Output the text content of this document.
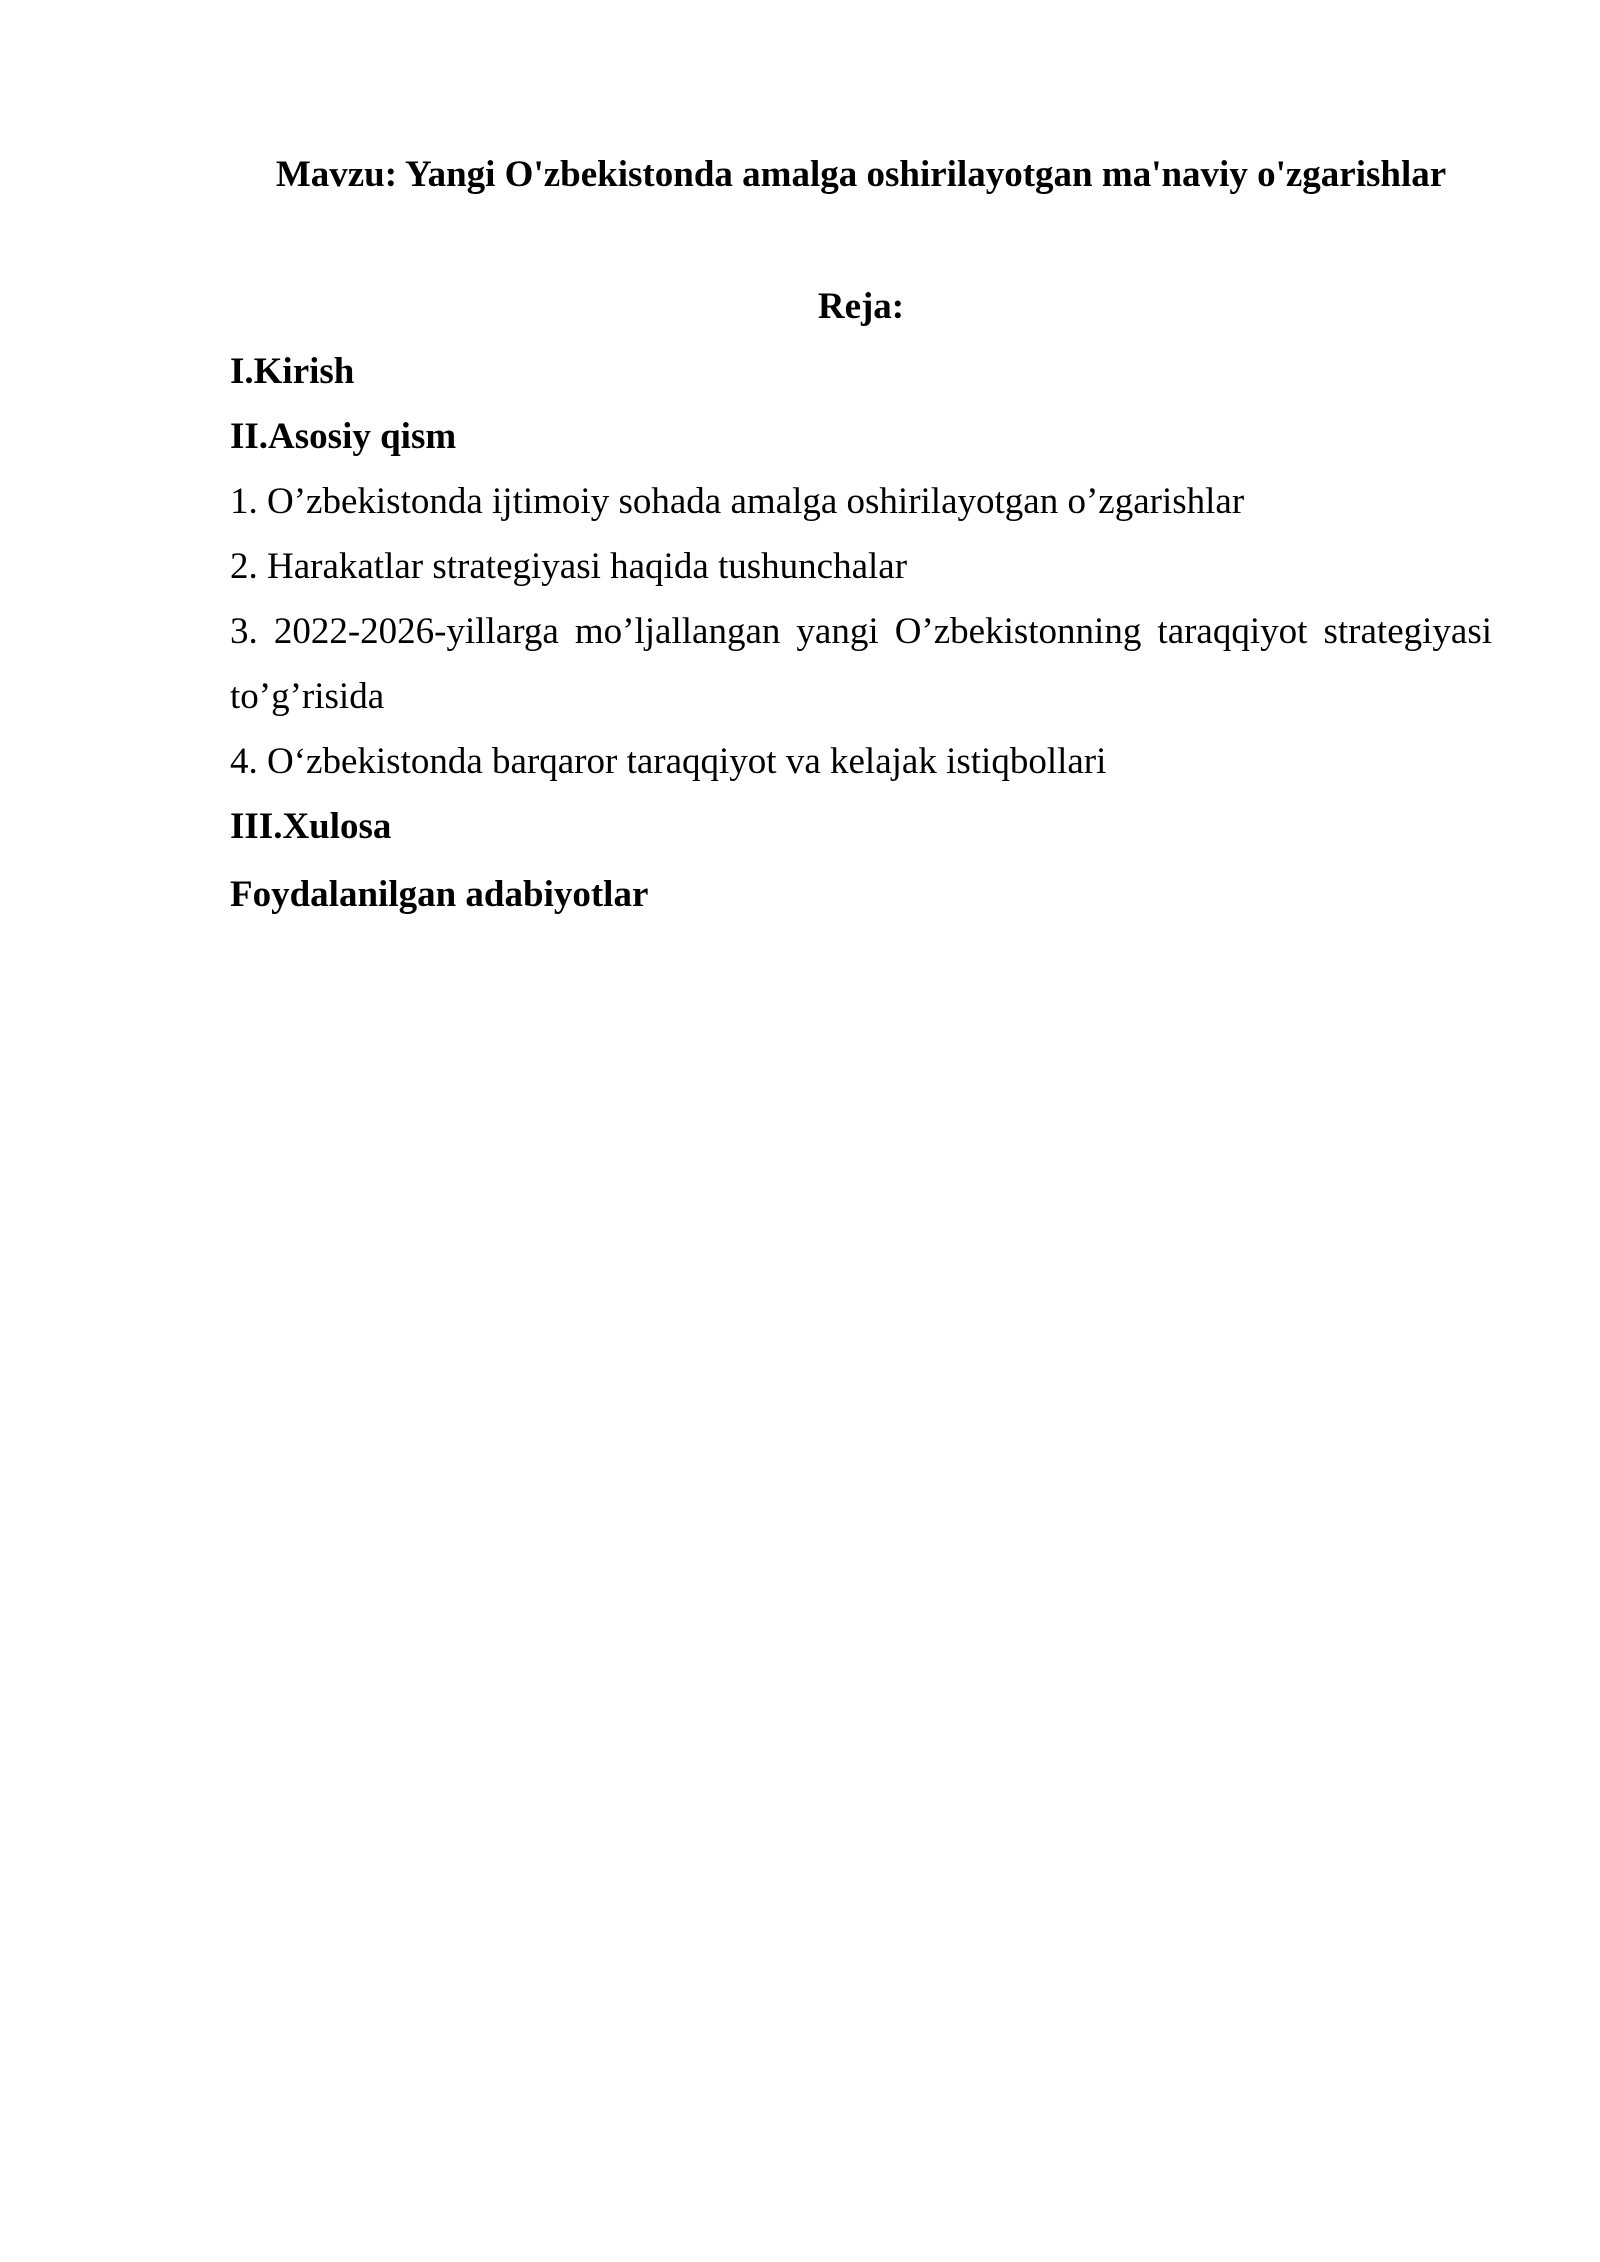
Mavzu: Yangi O'zbekistonda amalga oshirilayotgan ma'naviy o'zgarishlar
Reja:
I.Kirish
II.Asosiy qism
1. O’zbekistonda ijtimoiy sohada amalga oshirilayotgan o’zgarishlar
2. Harakatlar strategiyasi haqida tushunchalar
3. 2022-2026-yillarga mo’ljallangan yangi O’zbekistonning taraqqiyot strategiyasi
to’g’risida
4. O‘zbekistonda barqaror taraqqiyot va kelajak istiqbollari
III.Xulosa
Foydalanilgan adabiyotlar
